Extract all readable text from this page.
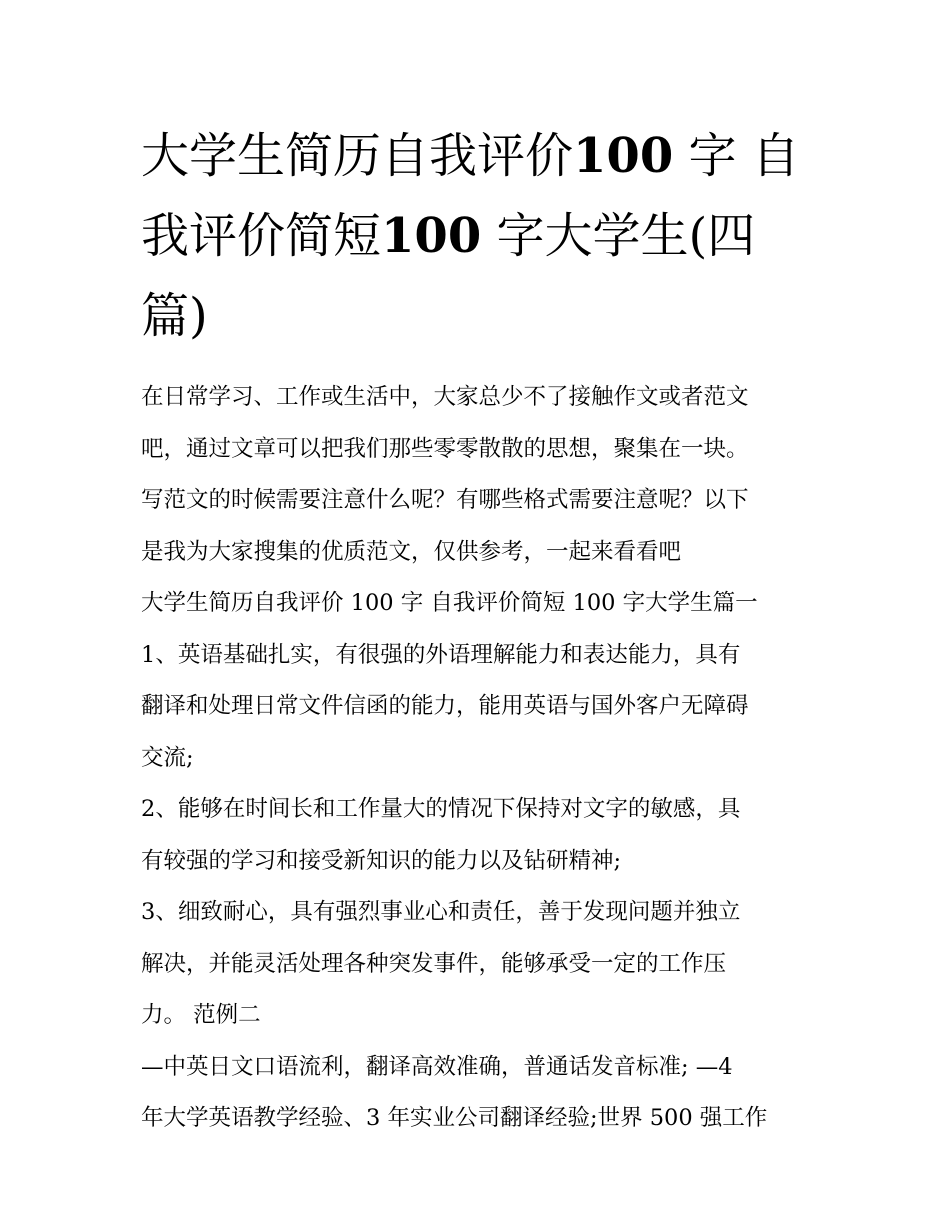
大学生简历自我评价100 字 自
我评价简短100 字大学生(四
篇)
在日常学习、工作或生活中，大家总少不了接触作文或者范文
吧，通过文章可以把我们那些零零散散的思想，聚集在一块。
写范文的时候需要注意什么呢？有哪些格式需要注意呢？以下
是我为大家搜集的优质范文，仅供参考，一起来看看吧
大学生简历自我评价 100 字 自我评价简短 100 字大学生篇一
1、英语基础扎实，有很强的外语理解能力和表达能力，具有
翻译和处理日常文件信函的能力，能用英语与国外客户无障碍
交流;
2、能够在时间长和工作量大的情况下保持对文字的敏感，具
有较强的学习和接受新知识的能力以及钻研精神;
3、细致耐心，具有强烈事业心和责任，善于发现问题并独立
解决，并能灵活处理各种突发事件，能够承受一定的工作压
力。 范例二
—中英日文口语流利，翻译高效准确，普通话发音标准; —4
年大学英语教学经验、3 年实业公司翻译经验;世界 500 强工作
